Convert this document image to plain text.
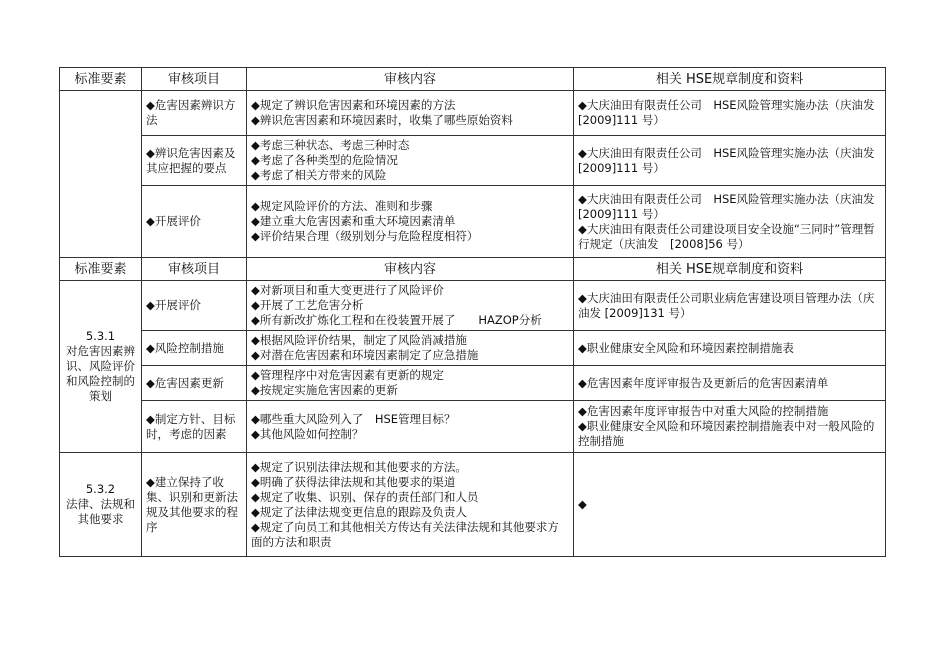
标准要素	审核项目	审核内容	相关 HSE规章制度和资料
	◆危害因素辨识方法	◆规定了辨识危害因素和环境因素的方法
◆辨识危害因素和环境因素时，收集了哪些原始资料	◆大庆油田有限责任公司　HSE风险管理实施办法（庆油发[2009]111 号）

	◆辨识危害因素及其应把握的要点	◆考虑三种状态、考虑三种时态
◆考虑了各种类型的危险情况
◆考虑了相关方带来的风险	◆大庆油田有限责任公司　HSE风险管理实施办法（庆油发[2009]111 号）

	◆开展评价	◆规定风险评价的方法、准则和步骤
◆建立重大危害因素和重大环境因素清单
◆评价结果合理（级别划分与危险程度相符）	◆大庆油田有限责任公司　HSE风险管理实施办法（庆油发[2009]111 号）
◆大庆油田有限责任公司建设项目安全设施“三同时”管理暂行规定（庆油发　[2008]56 号）

标准要素	审核项目	审核内容	相关 HSE规章制度和资料

5.3.1
对危害因素辨识、风险评价和风险控制的策划	◆开展评价	◆对新项目和重大变更进行了风险评价
◆开展了工艺危害分析
◆所有新改扩炼化工程和在役装置开展了　　HAZOP分析	◆大庆油田有限责任公司职业病危害建设项目管理办法（庆油发 [2009]131 号）

	◆风险控制措施	◆根据风险评价结果，制定了风险消减措施
◆对潜在危害因素和环境因素制定了应急措施	◆职业健康安全风险和环境因素控制措施表

	◆危害因素更新	◆管理程序中对危害因素有更新的规定
◆按规定实施危害因素的更新	◆危害因素年度评审报告及更新后的危害因素清单

	◆制定方针、目标时，考虑的因素	◆哪些重大风险列入了　HSE管理目标？
◆其他风险如何控制？	◆危害因素年度评审报告中对重大风险的控制措施
◆职业健康安全风险和环境因素控制措施表中对一般风险的控制措施

5.3.2
法律、法规和其他要求	◆建立保持了收集、识别和更新法规及其他要求的程序	◆规定了识别法律法规和其他要求的方法。
◆明确了获得法律法规和其他要求的渠道
◆规定了收集、识别、保存的责任部门和人员
◆规定了法律法规变更信息的跟踪及负责人
◆规定了向员工和其他相关方传达有关法律法规和其他要求方面的方法和职责	◆
